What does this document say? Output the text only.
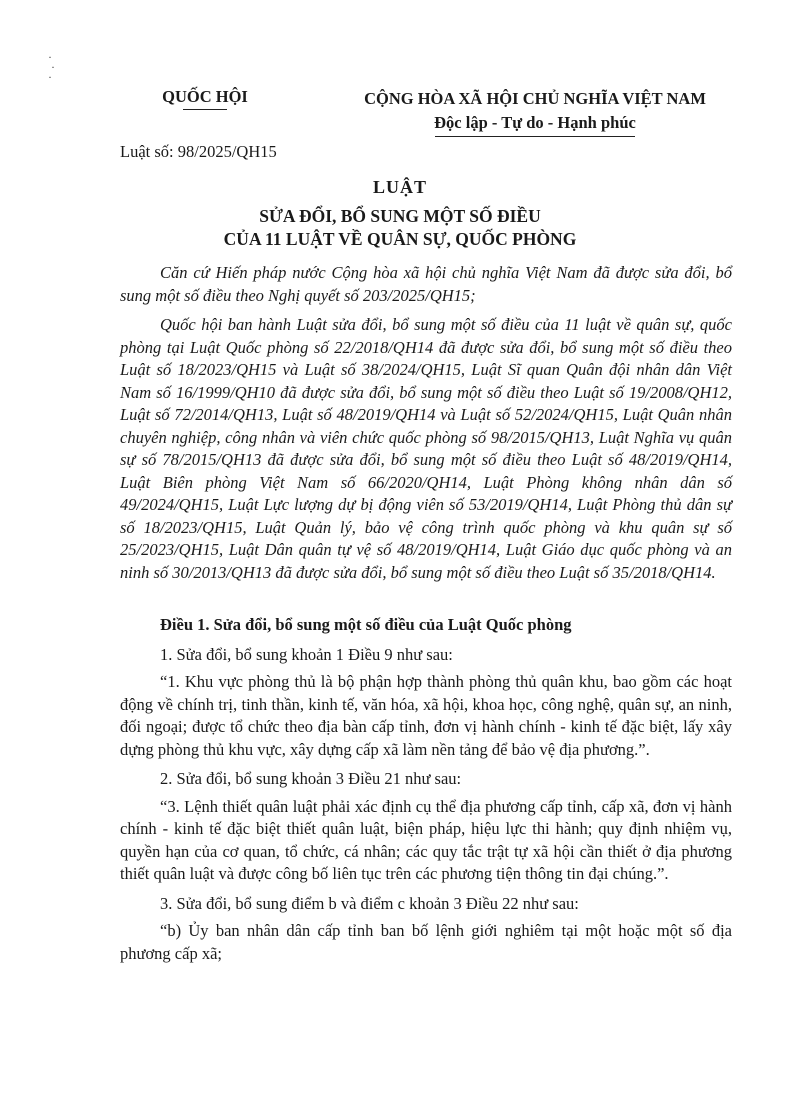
·
·
·
QUỐC HỘI	CỘNG HÒA XÃ HỘI CHỦ NGHĨA VIỆT NAM
Độc lập - Tự do - Hạnh phúc
Luật số: 98/2025/QH15
LUẬT
SỬA ĐỔI, BỔ SUNG MỘT SỐ ĐIỀU
CỦA 11 LUẬT VỀ QUÂN SỰ, QUỐC PHÒNG

Căn cứ Hiến pháp nước Cộng hòa xã hội chủ nghĩa Việt Nam đã được sửa đổi, bổ sung một số điều theo Nghị quyết số 203/2025/QH15;

Quốc hội ban hành Luật sửa đổi, bổ sung một số điều của 11 luật về quân sự, quốc phòng tại Luật Quốc phòng số 22/2018/QH14 đã được sửa đổi, bổ sung một số điều theo Luật số 18/2023/QH15 và Luật số 38/2024/QH15, Luật Sĩ quan Quân đội nhân dân Việt Nam số 16/1999/QH10 đã được sửa đổi, bổ sung một số điều theo Luật số 19/2008/QH12, Luật số 72/2014/QH13, Luật số 48/2019/QH14 và Luật số 52/2024/QH15, Luật Quân nhân chuyên nghiệp, công nhân và viên chức quốc phòng số 98/2015/QH13, Luật Nghĩa vụ quân sự số 78/2015/QH13 đã được sửa đổi, bổ sung một số điều theo Luật số 48/2019/QH14, Luật Biên phòng Việt Nam số 66/2020/QH14, Luật Phòng không nhân dân số 49/2024/QH15, Luật Lực lượng dự bị động viên số 53/2019/QH14, Luật Phòng thủ dân sự số 18/2023/QH15, Luật Quản lý, bảo vệ công trình quốc phòng và khu quân sự số 25/2023/QH15, Luật Dân quân tự vệ số 48/2019/QH14, Luật Giáo dục quốc phòng và an ninh số 30/2013/QH13 đã được sửa đổi, bổ sung một số điều theo Luật số 35/2018/QH14.

Điều 1. Sửa đổi, bổ sung một số điều của Luật Quốc phòng

1. Sửa đổi, bổ sung khoản 1 Điều 9 như sau:

“1. Khu vực phòng thủ là bộ phận hợp thành phòng thủ quân khu, bao gồm các hoạt động về chính trị, tinh thần, kinh tế, văn hóa, xã hội, khoa học, công nghệ, quân sự, an ninh, đối ngoại; được tổ chức theo địa bàn cấp tỉnh, đơn vị hành chính - kinh tế đặc biệt, lấy xây dựng phòng thủ khu vực, xây dựng cấp xã làm nền tảng để bảo vệ địa phương.”.

2. Sửa đổi, bổ sung khoản 3 Điều 21 như sau:

“3. Lệnh thiết quân luật phải xác định cụ thể địa phương cấp tỉnh, cấp xã, đơn vị hành chính - kinh tế đặc biệt thiết quân luật, biện pháp, hiệu lực thi hành; quy định nhiệm vụ, quyền hạn của cơ quan, tổ chức, cá nhân; các quy tắc trật tự xã hội cần thiết ở địa phương thiết quân luật và được công bố liên tục trên các phương tiện thông tin đại chúng.”.

3. Sửa đổi, bổ sung điểm b và điểm c khoản 3 Điều 22 như sau:

“b) Ủy ban nhân dân cấp tỉnh ban bố lệnh giới nghiêm tại một hoặc một số địa phương cấp xã;
